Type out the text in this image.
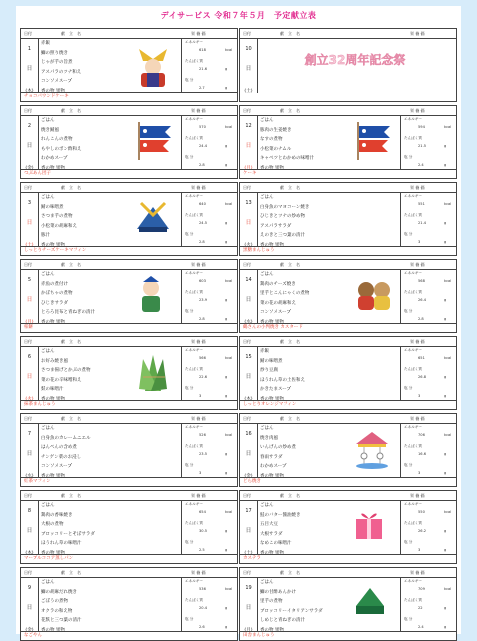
デイサービス 令和７年５月　予定献立表
日付	献　立　名	栄 養 価
1
日
(木)
赤飯
鰤の照り焼き
じゃが芋の旨煮
アスパラのツナ和え
コンソメスープ
香の物 果物
エネルギー
618	kcal
たんぱく質
21.6	g
塩 分
2.7	g
チョコパウンドケーキ
日付	献　立　名	栄 養 価
2
日
(金)
ごはん
焼き鯖風
れんこんの煮物
もやしのポン酢和え
わかめスープ
香の物 果物
エネルギー
570	kcal
たんぱく質
24.4	g
塩 分
2.8	g
つぶあん団子
日付	献　立　名	栄 養 価
3
日
(土)
ごはん
鯖の味噌煮
さつま芋の煮物
小松菜の胡麻和え
豚汁
香の物 果物
エネルギー
640	kcal
たんぱく質
24.5	g
塩 分
2.8	g
しっとりチーズケーキマフィン
日付	献　立　名	栄 養 価
5
日
(月)
ごはん
赤魚の煮付け
かぼちゃの煮物
ひじきサラダ
とろろ昆布と青ねぎの清汁
香の物 果物
エネルギー
603	kcal
たんぱく質
23.9	g
塩 分
2.8	g
柏餅
日付	献　立　名	栄 養 価
6
日
(火)
ごはん
お好み焼き風
さつま揚げとかぶの煮物
菜の花の辛味噌和え
麩の味噌汁
香の物 果物
エネルギー
566	kcal
たんぱく質
22.6	g
塩 分
3	g
抹茶まんじゅう
日付	献　立　名	栄 養 価
7
日
(水)
ごはん
白身魚のカレームニエル
はんぺんの含め煮
チンゲン菜のお浸し
コンソメスープ
香の物 果物
エネルギー
526	kcal
たんぱく質
23.5	g
塩 分
3	g
紅茶マフィン
日付	献　立　名	栄 養 価
8
日
(木)
ごはん
鶏肉の香味焼き
大根の煮物
ブロッコリーとそぼサラダ
ほうれん草の味噌汁
香の物 果物
エネルギー
654	kcal
たんぱく質
30.5	g
塩 分
2.5	g
マーブルココア蒸しパン
日付	献　立　名	栄 養 価
9
日
(金)
ごはん
鰤の胡麻だれ焼き
ごぼうの煮物
オクラの和え物
花麩と三つ葉の清汁
香の物 果物
エネルギー
536	kcal
たんぱく質
20.4	g
塩 分
2.6	g
なごやん
日付	献　立　名	栄 養 価
10
日
(土)
創立32周年記念祭
日付	献　立　名	栄 養 価
12
日
(月)
ごはん
豚肉の生姜焼き
なすの煮物
小松菜のナムル
キャベツとわかめの味噌汁
香の物 果物
エネルギー
594	kcal
たんぱく質
21.5	g
塩 分
2.4	g
ケーキ
日付	献　立　名	栄 養 価
13
日
(火)
ごはん
白身魚のマヨコーン焼き
ひじきとツナの炒め物
アスパラサラダ
えのきと三つ葉の清汁
香の物 果物
エネルギー
551	kcal
たんぱく質
21.4	g
塩 分
3	g
黒糖まんじゅう
日付	献　立　名	栄 養 価
14
日
(水)
ごはん
鶏肉のチーズ焼き
里芋とこんにゃくの煮物
菜の花の胡麻和え
コンソメスープ
香の物 果物
エネルギー
568	kcal
たんぱく質
26.4	g
塩 分
2.8	g
鶴さんの小判焼き カスタード
日付	献　立　名	栄 養 価
15
日
(木)
赤飯
鯖の味噌煮
炒り豆腐
ほうれん草の土佐和え
かきたまスープ
香の物 果物
エネルギー
651	kcal
たんぱく質
26.8	g
塩 分
3	g
しっとりオレンジマフィン
日付	献　立　名	栄 養 価
16
日
(金)
ごはん
焼き肉風
いんげんの炒め煮
春雨サラダ
わかめスープ
香の物 果物
エネルギー
706	kcal
たんぱく質
16.6	g
塩 分
3	g
どら焼き
日付	献　立　名	栄 養 価
17
日
(土)
ごはん
鮭のバター醤油焼き
五目大豆
大根サラダ
なめこの味噌汁
香の物 果物
エネルギー
550	kcal
たんぱく質
26.2	g
塩 分
3	g
カステラ
日付	献　立　名	栄 養 価
19
日
(月)
ごはん
鰤の甘酢あんかけ
里芋の煮物
ブロッコリーイタリアンサラダ
しめじと青ねぎの清汁
香の物 果物
エネルギー
709	kcal
たんぱく質
22	g
塩 分
2.4	g
田舎まんじゅう
